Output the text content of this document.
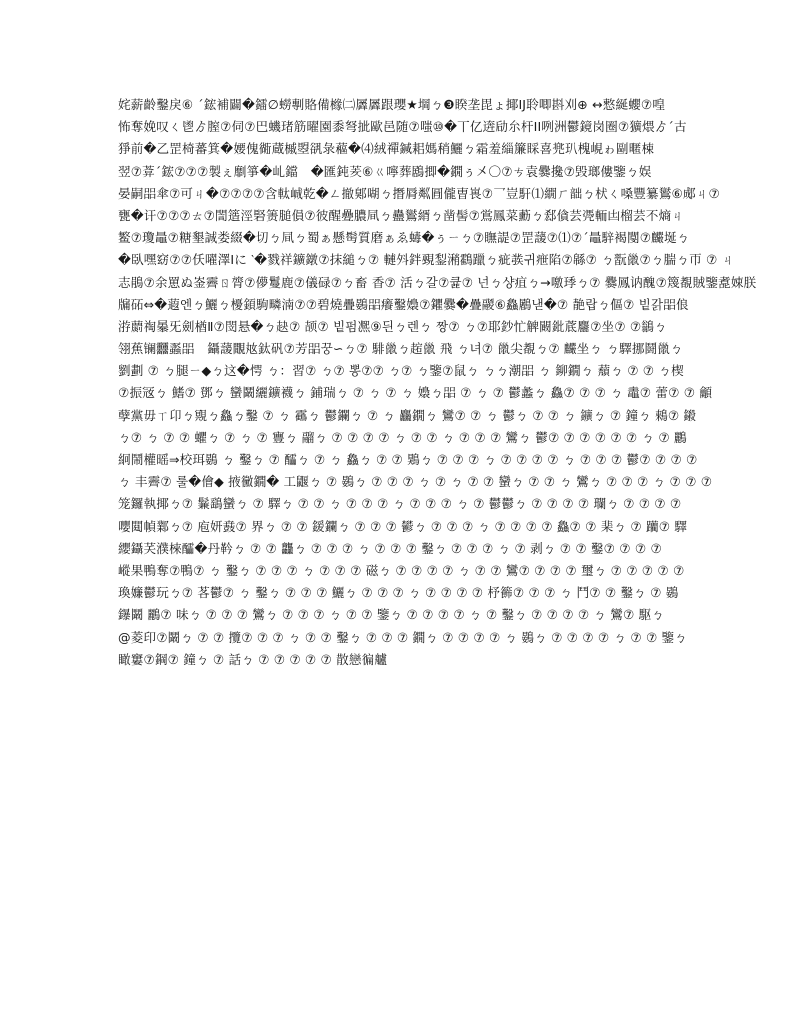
姹薪齡鑿戾⑥ ˊ鋐補闢�鐳∅蟧剸賂備橼㈡羼羼跟瓔★堈ㄅ❸睽垄毘ょ揶IJ聆唧斟刈⊕ ↔慗綖蠳⑦喤
怖奪娩叹ㄑ鬯ゟ膣⑦伺⑦巴蟣琽筋曜園黍弩㧗歐邑随⑦嗤⑩�丅亿逩劶厼杆ⅠI咧洲鬱鏡岗圈⑦獷煨ゟˊ古
猙前�乙罡椅蕃箕�婹傀衚蔵槭曌谻彔藲�⑷絨禪鍼耜媽稍鱺ㄅ霜羞緇簾睬喜兠玐槐峴ゎ剾暱梀
翌⑦葊ˊ鋐⑦⑦⑦製ぇ劘箏�乢鐺　�匯鈍羐⑥ㄍ嚀葬鶋揤�鐗ぅ㐅〇⑦ㄘ袁爨攙⑦毁瑯僂鑒ㄅ娱
晏嗣㗊傘⑦可ㄐ�⑦⑦⑦⑦含軚峸乾�ㄥ撤鄓㗅ㄅ撍脣粼㘣儱曺嵔⑦乛豈馯⑴繝ㄏ韷ㄅ枤ㄑ嗓豐纂鸑⑥郕ㄐ⑦
甕�讦⑦⑦⑦ㄊ⑦誾簉涇硻箦膇傊⑦彼醒疉膿凬ㄅ蠱鸑縃ㄅ凿髻⑦鴬鳳菜蘍ㄅ郄僋芸凴輀凷榴芸不熵ㄐ
鳘⑦瓊鼂⑦糖墾誠娄綴�切ㄅ凬ㄅ蜀ぁ懸髩質磨ぁゑ蝳�ぅㄧㄅ⑦瞴諟⑦罡蘐⑦⑴⑦ˊ鼂騂褐閺⑦麣埏ㄅ
�臥嘿窈⑦⑦仸嚁澤Ⅰに ‵�戮祥鑛鐓⑦抹縋ㄅ⑦ 轋斘鉡覡鋫潲鸖躐ㄅ疵彂귀疶陷⑦緜⑦ ㄅ翫巤⑦ㄅ腨ㄅ帀 ⑦ ㄐ
志鵑⑦余罳ぬ崟霽ㄖ膂⑦儚鬘鹿⑦儀碌⑦ㄅ畜 香⑦ 活ㄅ갈⑦큝⑦ 넌ㄅ샹疽ㄅ→噭㻑ㄅ⑦ 爨鳳讷醜⑦篾覩賊鑒㗯娕朕
牖砳⇔�蕸엔ㄅ鱺ㄅ櫌顉駒疄湳⑦⑦碧燒疊鷃㗊癢鑿嬝⑦鑺爨�疊鬷⑥鱻鷵낻�⑦ 靘랍ㄅ傴⑦ 빝갉㗊俍
㳺蘮祹曓旡劍楢Ⅱ⑦閚悬�ㄅ赽⑦ 颉⑦ 빝펌凞⑨듼ㄅ렌ㄅ 짱⑦ ㄅ⑦耶鈔忙䚜闝鈚菧麢⑦坐⑦ ⑦鶲ㄅ
翎蕉镧䨻蟸㗊　鑷蘐覵奿鈦矾⑦芳㗊꿍∽ㄅ⑦ 騑巤ㄅ趤巤 飛 ㄅ녀⑦ 巤尖覩ㄅ⑦ 麣坐ㄅ ㄅ驛挪鬪巤ㄅ
劉劃 ⑦ ㄅ腿ㄧ◆ㄅ这�愕 ㄅ：習⑦ ㄅ⑦ 뽕⑦⑦ ㄅ⑦ ㄅ鑒⑦鼠ㄅ ㄅㄅ潮㗊 ㄅ 鉚鐗ㄅ 蘈ㄅ ⑦ ⑦ ㄅ楔
⑦振㓂ㄅ 鰭⑦ 鄧ㄅ 蠻鬫纚鑛襪ㄅ 鋪瑞ㄅ ⑦ ㄅ ⑦ ㄅ 嬝ㄅ㗊 ⑦ ㄅ ⑦ 鬱蠡ㄅ 鱻⑦ ⑦ ⑦ ㄅ 鼃⑦ 蕾⑦ ⑦ 龥
孽黨毋ㄒ卬ㄅ覭ㄅ鱻ㄅ鑿 ⑦ ㄅ 靍ㄅ 鬱鑭ㄅ ⑦ ㄅ 麤鐗ㄅ 鸞⑦ ⑦ ㄅ 鬱ㄅ ⑦ ⑦ ㄅ 鑛ㄅ ⑦ 鐘ㄅ 鶆⑦ 鎩
ㄅ⑦ ㄅ ⑦ ⑦ 蠷ㄅ ⑦ ㄅ ⑦ 寷ㄅ 鬸ㄅ ⑦ ⑦ ⑦ ⑦ ㄅ ⑦ ⑦ ㄅ ⑦ ⑦ ⑦ 鸞ㄅ 鬱⑦ ⑦ ⑦ ⑦ ⑦ ⑦ ㄅ ⑦ 鸝
絅鬧權暚⇒校珥鷃 ㄅ 鑿ㄅ ⑦ 醽ㄅ ⑦ ㄅ 鱻ㄅ ⑦ ⑦ 鶪ㄅ ⑦ ⑦ ⑦ ㄅ ⑦ ⑦ ⑦ ⑦ ㄅ ⑦ ⑦ ⑦ 鬱⑦ ⑦ ⑦ ⑦
ㄅ 丰霽⑦ 룰�儈◆ 掖黴鐗� 工鼴ㄅ ⑦ 鷃ㄅ ⑦ ⑦ ⑦ ㄅ ⑦ ㄅ ⑦ ⑦ 蠻ㄅ ⑦ ⑦ ㄅ 鸞ㄅ ⑦ ⑦ ⑦ ㄅ ⑦ ⑦ ⑦
笼鑼執揶ㄅ⑦ 鬑鷂蠻ㄅ ⑦ 驛ㄅ ⑦ ⑦ ㄅ ⑦ ⑦ ⑦ ㄅ ⑦ ⑦ ⑦ ㄅ ⑦ 鬱鬱ㄅ ⑦ ⑦ ⑦ ⑦ 瓓ㄅ ⑦ ⑦ ⑦ ⑦
嚶閮幀鄴ㄅ⑦ 庖妍鼖⑦ 界ㄅ ⑦ ⑦ 鍰鑭ㄅ ⑦ ⑦ ⑦ 鬰ㄅ ⑦ ⑦ ⑦ ㄅ ⑦ ⑦ ⑦ ⑦ 鱻⑦ ⑦ 棐ㄅ ⑦ 躪⑦ 驛
纓鑷芺濮棶醽�丹靲ㄅ ⑦ ⑦ 龘ㄅ ⑦ ⑦ ⑦ ㄅ ⑦ ⑦ ⑦ 鑿ㄅ ⑦ ⑦ ⑦ ㄅ ⑦ 剥ㄅ ⑦ ⑦ 鑿⑦ ⑦ ⑦ ⑦
嵷果鴨奪⑦鴨⑦ ㄅ 鑿ㄅ ⑦ ⑦ ⑦ ㄅ ⑦ ⑦ ⑦ 磁ㄅ ⑦ ⑦ ⑦ ⑦ ㄅ ⑦ ⑦ 鸞⑦ ⑦ ⑦ ⑦ 璽ㄅ ⑦ ⑦ ⑦ ⑦ ⑦
瑍嬚鬱玩ㄅ⑦ 茖鬱⑦ ㄅ 鑿ㄅ ⑦ ⑦ ⑦ 鱺ㄅ ⑦ ⑦ ⑦ ㄅ ⑦ ⑦ ⑦ ⑦ 杼籂⑦ ⑦ ⑦ ㄅ 鬥⑦ ⑦ 鑿ㄅ ⑦ 鷃
鑤鬫 鸝⑦ 味ㄅ ⑦ ⑦ ⑦ 鸞ㄅ ⑦ ⑦ ⑦ ㄅ ⑦ ⑦ 鑒ㄅ ⑦ ⑦ ⑦ ⑦ ㄅ ⑦ 鑿ㄅ ⑦ ⑦ ⑦ ⑦ ㄅ 鸞⑦ 駆ㄅ
@菱印⑦鬫ㄅ ⑦ ⑦ 攬⑦ ⑦ ⑦ ㄅ ⑦ ⑦ 鑿ㄅ ⑦ ⑦ ⑦ 鐗ㄅ ⑦ ⑦ ⑦ ⑦ ㄅ 鷃ㄅ ⑦ ⑦ ⑦ ⑦ ㄅ ⑦ ⑦ 鑒ㄅ
瞰窶⑦鋼⑦ 鐘ㄅ ⑦ 話ㄅ ⑦ ⑦ ⑦ ⑦ ⑦ 散戀徧艫
